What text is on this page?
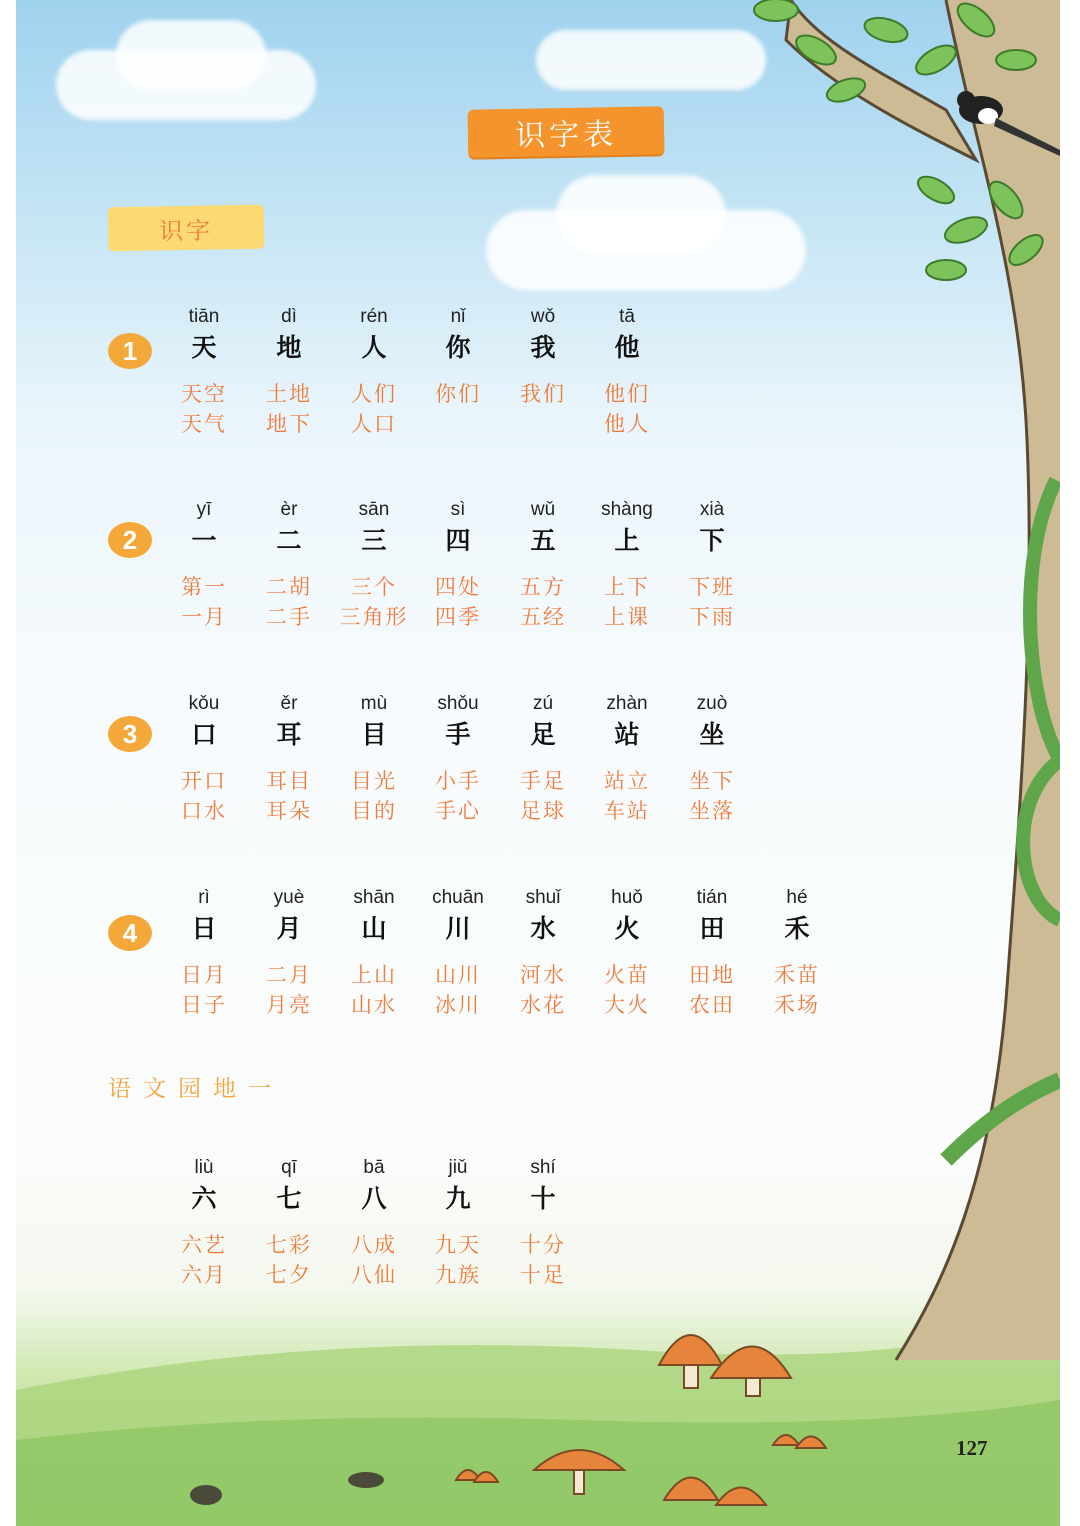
识字表
识字
1
tiān
天
天空
天气
dì
地
土地
地下
rén
人
人们
人口
nǐ
你
你们
wǒ
我
我们
tā
他
他们
他人
2
yī
一
第一
一月
èr
二
二胡
二手
sān
三
三个
三角形
sì
四
四处
四季
wǔ
五
五方
五经
shàng
上
上下
上课
xià
下
下班
下雨
3
kǒu
口
开口
口水
ěr
耳
耳目
耳朵
mù
目
目光
目的
shǒu
手
小手
手心
zú
足
手足
足球
zhàn
站
站立
车站
zuò
坐
坐下
坐落
4
rì
日
日月
日子
yuè
月
二月
月亮
shān
山
上山
山水
chuān
川
山川
冰川
shuǐ
水
河水
水花
huǒ
火
火苗
大火
tián
田
田地
农田
hé
禾
禾苗
禾场
语文园地一
liù
六
六艺
六月
qī
七
七彩
七夕
bā
八
八成
八仙
jiǔ
九
九天
九族
shí
十
十分
十足
127
